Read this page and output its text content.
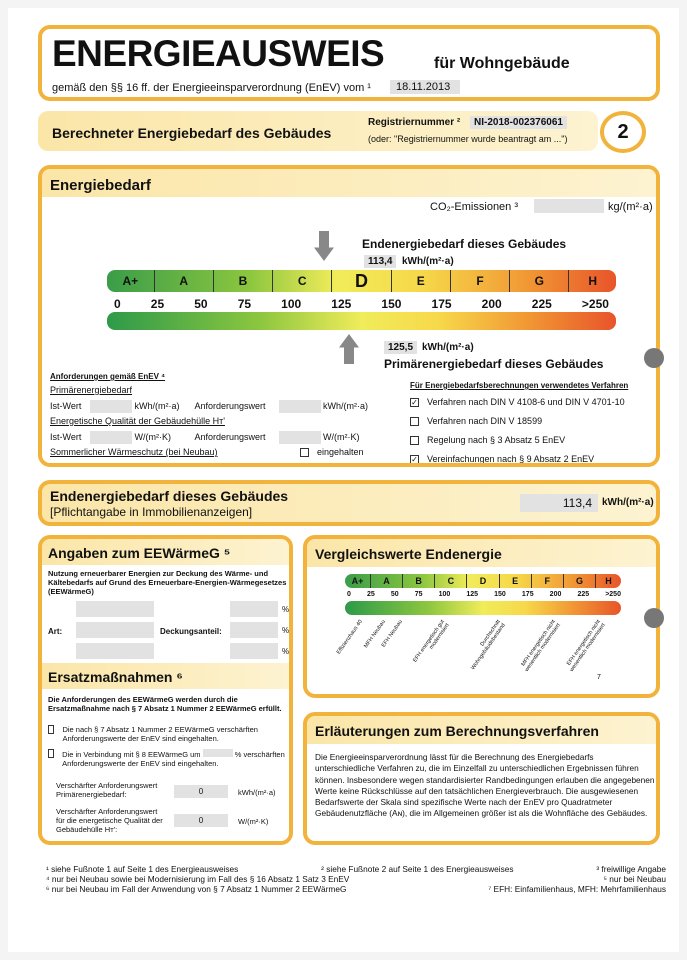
ENERGIEAUSWEIS	für Wohngebäude
gemäß den §§ 16 ff. der Energieeinsparverordnung (EnEV) vom ¹	18.11.2013
Berechneter Energiebedarf des Gebäudes
Registriernummer ²	NI-2018-002376061
(oder: "Registriernummer wurde beantragt am ...")	2
Energiebedarf
CO₂-Emissionen ³	kg/(m²·a)
Endenergiebedarf dieses Gebäudes
113,4 kWh/(m²·a)
A+	A	B	C	D	E	F	G	H
0	25	50	75	100	125	150	175	200	225	>250
125,5 kWh/(m²·a)
Primärenergiebedarf dieses Gebäudes
Anforderungen gemäß EnEV ⁴
Primärenergiebedarf
Ist-Wert	kWh/(m²·a) Anforderungswert	kWh/(m²·a)
Energetische Qualität der Gebäudehülle Hᴛ'
Ist-Wert	W/(m²·K)	Anforderungswert	W/(m²·K)
Sommerlicher Wärmeschutz (bei Neubau)	eingehalten
Für Energiebedarfsberechnungen verwendetes Verfahren
✓ Verfahren nach DIN V 4108-6 und DIN V 4701-10
Verfahren nach DIN V 18599
Regelung nach § 3 Absatz 5 EnEV
✓ Vereinfachungen nach § 9 Absatz 2 EnEV
Endenergiebedarf dieses Gebäudes
[Pflichtangabe in Immobilienanzeigen]
113,4	kWh/(m²·a)
Angaben zum EEWärmeG ⁵
Nutzung erneuerbarer Energien zur Deckung des Wärme- und Kältebedarfs auf Grund des Erneuerbare-Energien-Wärmegesetzes (EEWärmeG)
Art:	Deckungsanteil:
%
%
%
Ersatzmaßnahmen ⁶
Die Anforderungen des EEWärmeG werden durch die Ersatzmaßnahme nach § 7 Absatz 1 Nummer 2 EEWärmeG erfüllt.
Die nach § 7 Absatz 1 Nummer 2 EEWärmeG verschärften Anforderungswerte der EnEV sind eingehalten.
Die in Verbindung mit § 8 EEWärmeG um	% verschärften Anforderungswerte der EnEV sind eingehalten.
Verschärfter Anforderungswert Primärenergiebedarf:	0	kWh/(m²·a)
Verschärfter Anforderungswert für die energetische Qualität der Gebäudehülle Hᴛ':
0	W/(m²·K)
Vergleichswerte Endenergie
A+	A	B	C	D	E	F	G	H
0 25 50 75 100 125 150 175 200 225 >250
Effizienzhaus 40 MFH Neubau
EFH Neubau	EFH energetisch gut modernisiert	Durchschnitt Wohngebäudebestand	MFH energetisch nicht wesentlich modernisiert EFH energetisch nicht wesentlich modernisiert
7
Erläuterungen zum Berechnungsverfahren
Die Energieeinsparverordnung lässt für die Berechnung des Energiebedarfs unterschiedliche Verfahren zu, die im Einzelfall zu unterschiedlichen Ergebnissen führen können. Insbesondere wegen standardisierter Randbedingungen erlauben die angegebenen Werte keine Rückschlüsse auf den tatsächlichen Energieverbrauch. Die ausgewiesenen Bedarfswerte der Skala sind spezifische Werte nach der EnEV pro Quadratmeter Gebäudenutzfläche (Aɴ), die im Allgemeinen größer ist als die Wohnfläche des Gebäudes.
¹ siehe Fußnote 1 auf Seite 1 des Energieausweises	² siehe Fußnote 2 auf Seite 1 des Energieausweises	³ freiwillige Angabe
⁴ nur bei Neubau sowie bei Modernisierung im Fall des § 16 Absatz 1 Satz 3 EnEV	⁵ nur bei Neubau
⁶ nur bei Neubau im Fall der Anwendung von § 7 Absatz 1 Nummer 2 EEWärmeG	⁷ EFH: Einfamilienhaus, MFH: Mehrfamilienhaus
